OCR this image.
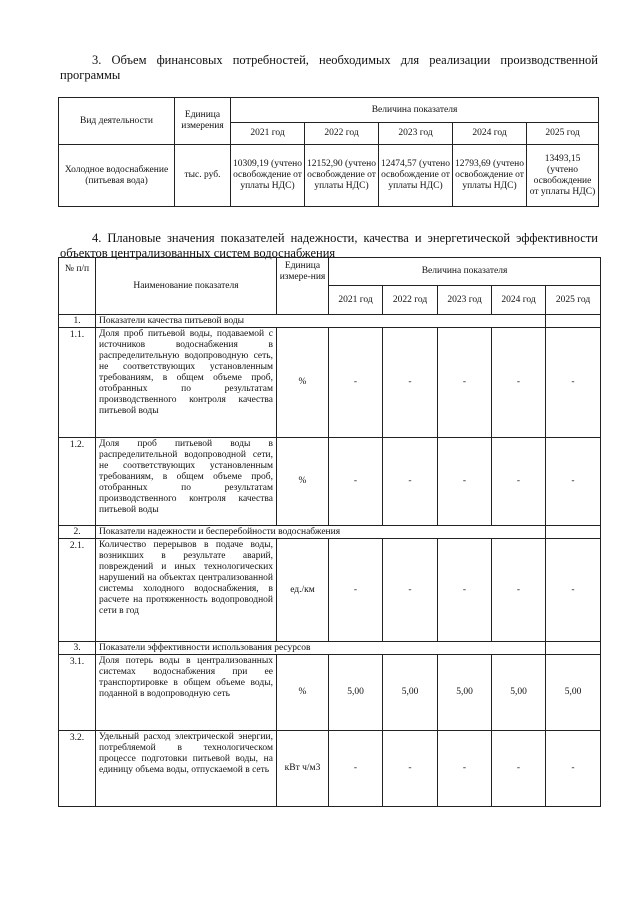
3. Объем финансовых потребностей, необходимых для реализации производственной программы
Вид деятельности	Единица измерения	Величина показателя				
		2021 год	2022 год	2023 год	2024 год	2025 год
Холодное водоснабжение (питьевая вода)	тыс. руб.	10309,19 (учтено освобождение от уплаты НДС)	12152,90 (учтено освобождение от уплаты НДС)	12474,57 (учтено освобождение от уплаты НДС)	12793,69 (учтено освобождение от уплаты НДС)	13493,15 (учтено освобождение от уплаты НДС)
4. Плановые значения показателей надежности, качества и энергетической эффективности объектов централизованных систем водоснабжения
№ п/п	Наименование показателя	Единица измере-ния	Величина показателя				
			2021 год	2022 год	2023 год	2024 год	2025 год
1.	Показатели качества питьевой воды						
1.1.	Доля проб питьевой воды, подаваемой с источников водоснабжения в распределительную водопроводную сеть, не соответствующих установленным требованиям, в общем объеме проб, отобранных по результатам производственного контроля качества питьевой воды	%	-	-	-	-	-
1.2.	Доля проб питьевой воды в распределительной водопроводной сети, не соответствующих установленным требованиям, в общем объеме проб, отобранных по результатам производственного контроля качества питьевой воды	%	-	-	-	-	-
2.	Показатели надежности и бесперебойности водоснабжения						
2.1.	Количество перерывов в подаче воды, возникших в результате аварий, повреждений и иных технологических нарушений на объектах централизованной системы холодного водоснабжения, в расчете на протяженность водопроводной сети в год	ед./км	-	-	-	-	-
3.	Показатели эффективности использования ресурсов						
3.1.	Доля потерь воды в централизованных системах водоснабжения при ее транспортировке в общем объеме воды, поданной в водопроводную сеть	%	5,00	5,00	5,00	5,00	5,00
3.2.	Удельный расход электрической энергии, потребляемой в технологическом процессе подготовки питьевой воды, на единицу объема воды, отпускаемой в сеть	кВт ч/м3	-	-	-	-	-
